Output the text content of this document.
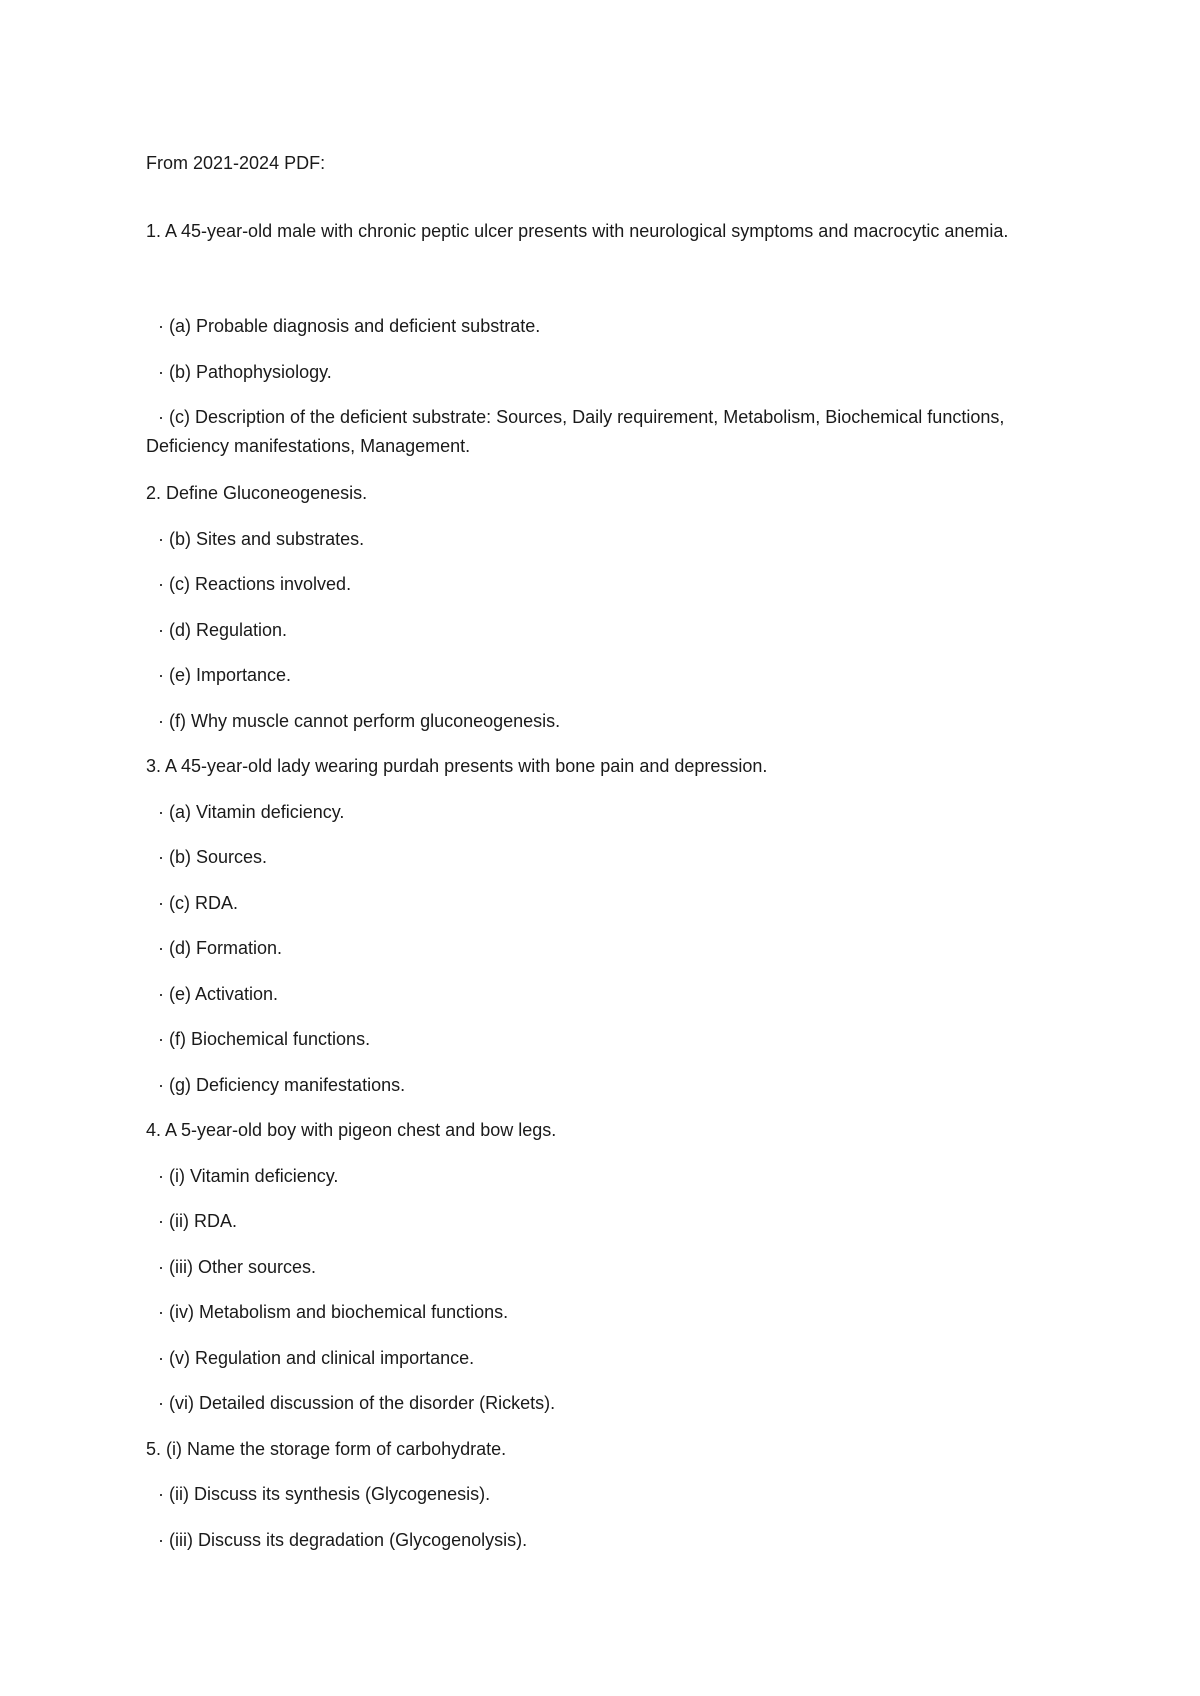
From 2021-2024 PDF:

1. A 45-year-old male with chronic peptic ulcer presents with neurological symptoms and macrocytic anemia.

· (a) Probable diagnosis and deficient substrate.

· (b) Pathophysiology.

· (c) Description of the deficient substrate: Sources, Daily requirement, Metabolism, Biochemical functions, Deficiency manifestations, Management.

2. Define Gluconeogenesis.

· (b) Sites and substrates.

· (c) Reactions involved.

· (d) Regulation.

· (e) Importance.

· (f) Why muscle cannot perform gluconeogenesis.

3. A 45-year-old lady wearing purdah presents with bone pain and depression.

· (a) Vitamin deficiency.

· (b) Sources.

· (c) RDA.

· (d) Formation.

· (e) Activation.

· (f) Biochemical functions.

· (g) Deficiency manifestations.

4. A 5-year-old boy with pigeon chest and bow legs.

· (i) Vitamin deficiency.

· (ii) RDA.

· (iii) Other sources.

· (iv) Metabolism and biochemical functions.

· (v) Regulation and clinical importance.

· (vi) Detailed discussion of the disorder (Rickets).

5. (i) Name the storage form of carbohydrate.

· (ii) Discuss its synthesis (Glycogenesis).

· (iii) Discuss its degradation (Glycogenolysis).
